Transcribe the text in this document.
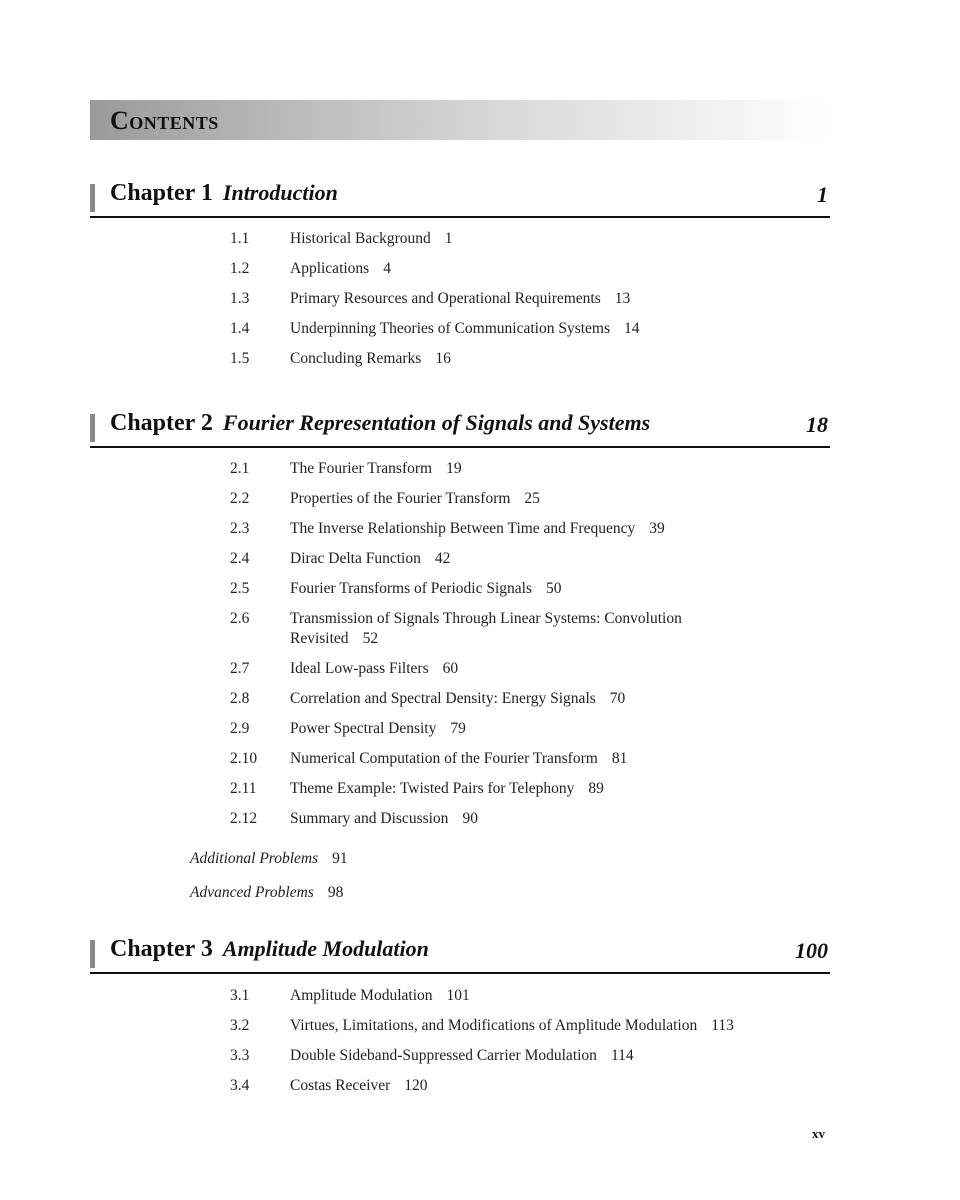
Contents
Chapter 1 Introduction	1
1.1	Historical Background 1
1.2	Applications 4
1.3	Primary Resources and Operational Requirements 13
1.4	Underpinning Theories of Communication Systems 14
1.5	Concluding Remarks 16
Chapter 2 Fourier Representation of Signals and Systems	18
2.1	The Fourier Transform 19
2.2	Properties of the Fourier Transform 25
2.3	The Inverse Relationship Between Time and Frequency 39
2.4	Dirac Delta Function 42
2.5	Fourier Transforms of Periodic Signals 50
2.6	Transmission of Signals Through Linear Systems: Convolution
Revisited 52
2.7	Ideal Low-pass Filters 60
2.8	Correlation and Spectral Density: Energy Signals 70
2.9	Power Spectral Density 79
2.10 Numerical Computation of the Fourier Transform 81
2.11 Theme Example: Twisted Pairs for Telephony 89
2.12 Summary and Discussion 90
Additional Problems 91
Advanced Problems 98
Chapter 3 Amplitude Modulation	100
3.1	Amplitude Modulation 101
3.2	Virtues, Limitations, and Modifications of Amplitude Modulation 113
3.3	Double Sideband-Suppressed Carrier Modulation 114
3.4	Costas Receiver 120
xv
